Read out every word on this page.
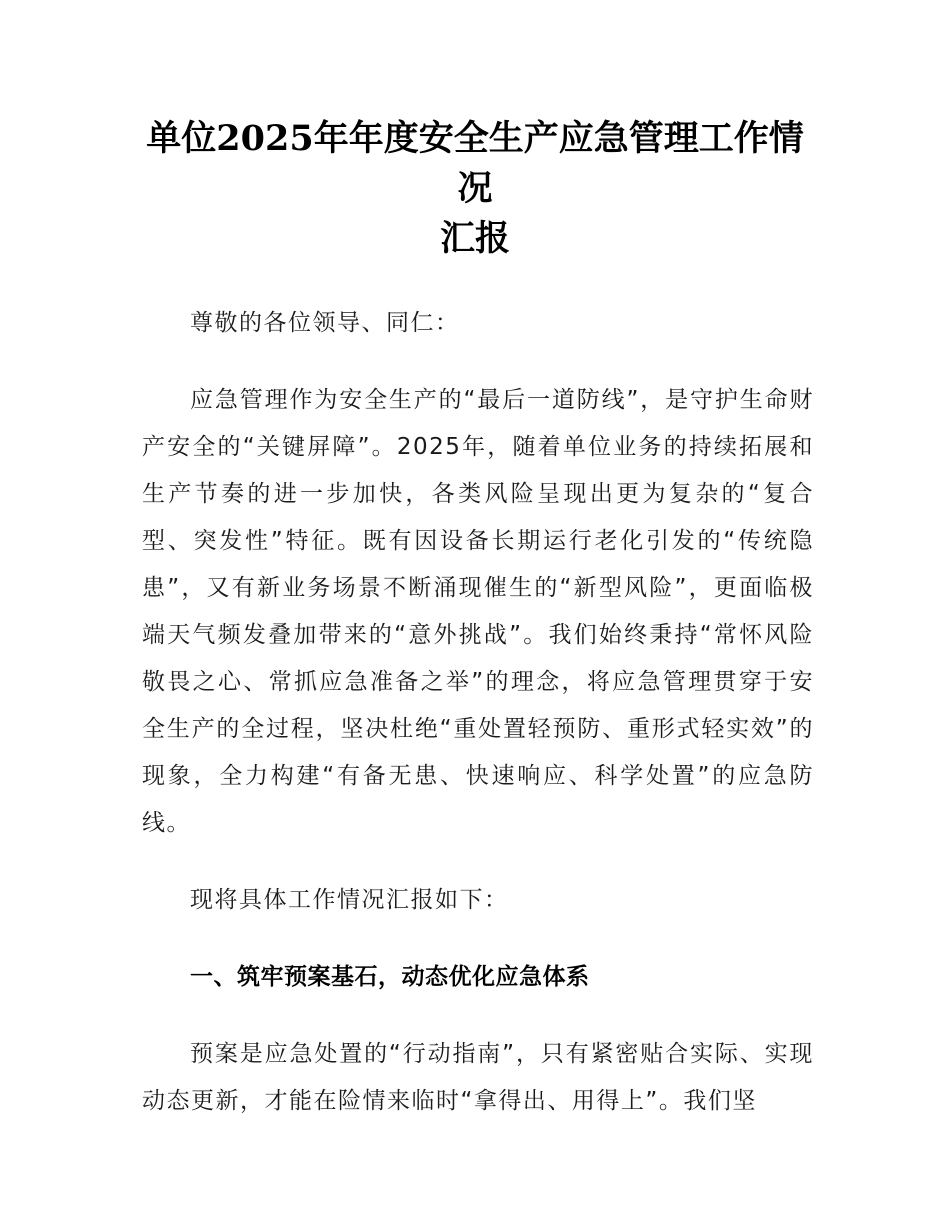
单位2025年年度安全生产应急管理工作情况
汇报

尊敬的各位领导、同仁：

应急管理作为安全生产的“最后一道防线”，是守护生命财产安全的“关键屏障”。2025年，随着单位业务的持续拓展和生产节奏的进一步加快，各类风险呈现出更为复杂的“复合型、突发性”特征。既有因设备长期运行老化引发的“传统隐患”，又有新业务场景不断涌现催生的“新型风险”，更面临极端天气频发叠加带来的“意外挑战”。我们始终秉持“常怀风险敬畏之心、常抓应急准备之举”的理念，将应急管理贯穿于安全生产的全过程，坚决杜绝“重处置轻预防、重形式轻实效”的现象，全力构建“有备无患、快速响应、科学处置”的应急防线。

现将具体工作情况汇报如下：

一、筑牢预案基石，动态优化应急体系

预案是应急处置的“行动指南”，只有紧密贴合实际、实现动态更新，才能在险情来临时“拿得出、用得上”。我们坚
